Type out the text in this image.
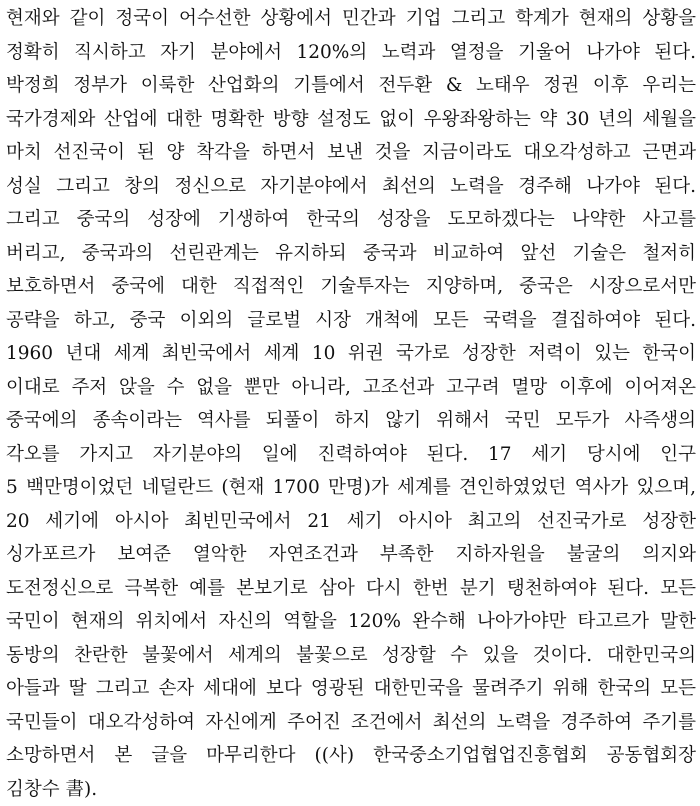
현재와 같이 정국이 어수선한 상황에서 민간과 기업 그리고 학계가 현재의 상황을
정확히 직시하고 자기 분야에서 120%의 노력과 열정을 기울어 나가야 된다.
박정희 정부가 이룩한 산업화의 기틀에서 전두환 & 노태우 정권 이후 우리는
국가경제와 산업에 대한 명확한 방향 설정도 없이 우왕좌왕하는 약 30 년의 세월을
마치 선진국이 된 양 착각을 하면서 보낸 것을 지금이라도 대오각성하고 근면과
성실 그리고 창의 정신으로 자기분야에서 최선의 노력을 경주해 나가야 된다.
그리고 중국의 성장에 기생하여 한국의 성장을 도모하겠다는 나약한 사고를
버리고, 중국과의 선린관계는 유지하되 중국과 비교하여 앞선 기술은 철저히
보호하면서 중국에 대한 직접적인 기술투자는 지양하며, 중국은 시장으로서만
공략을 하고, 중국 이외의 글로벌 시장 개척에 모든 국력을 결집하여야 된다.
1960 년대 세계 최빈국에서 세계 10 위권 국가로 성장한 저력이 있는 한국이
이대로 주저 앉을 수 없을 뿐만 아니라, 고조선과 고구려 멸망 이후에 이어져온
중국에의 종속이라는 역사를 되풀이 하지 않기 위해서 국민 모두가 사즉생의
각오를 가지고 자기분야의 일에 진력하여야 된다. 17 세기 당시에 인구
5 백만명이었던 네덜란드 (현재 1700 만명)가 세계를 견인하였었던 역사가 있으며,
20 세기에 아시아 최빈민국에서 21 세기 아시아 최고의 선진국가로 성장한
싱가포르가 보여준 열악한 자연조건과 부족한 지하자원을 불굴의 의지와
도전정신으로 극복한 예를 본보기로 삼아 다시 한번 분기 탱천하여야 된다. 모든
국민이 현재의 위치에서 자신의 역할을 120% 완수해 나아가야만 타고르가 말한
동방의 찬란한 불꽃에서 세계의 불꽃으로 성장할 수 있을 것이다. 대한민국의
아들과 딸 그리고 손자 세대에 보다 영광된 대한민국을 물려주기 위해 한국의 모든
국민들이 대오각성하여 자신에게 주어진 조건에서 최선의 노력을 경주하여 주기를
소망하면서 본 글을 마무리한다 ((사) 한국중소기업협업진흥협회 공동협회장
김창수 書).
